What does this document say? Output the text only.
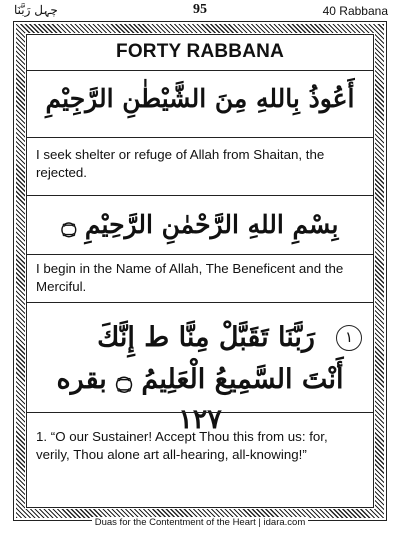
چہل رَبَّنَا	95	40 Rabbana
FORTY RABBANA
أَعُوذُ بِاللهِ مِنَ الشَّيْطٰنِ الرَّجِيْمِ
I seek shelter or refuge of Allah from Shaitan, the rejected.
بِسْمِ اللهِ الرَّحْمٰنِ الرَّحِيْمِ ۝
I begin in the Name of Allah, The Beneficent and the Merciful.
١
رَبَّنَا تَقَبَّلْ مِنَّا ط إِنَّكَ
أَنْتَ السَّمِيعُ الْعَلِيمُ ۝ بقره ١٢٧
1. “O our Sustainer! Accept Thou this from us: for, verily, Thou alone art all-hearing, all-knowing!”
Duas for the Contentment of the Heart | idara.com
